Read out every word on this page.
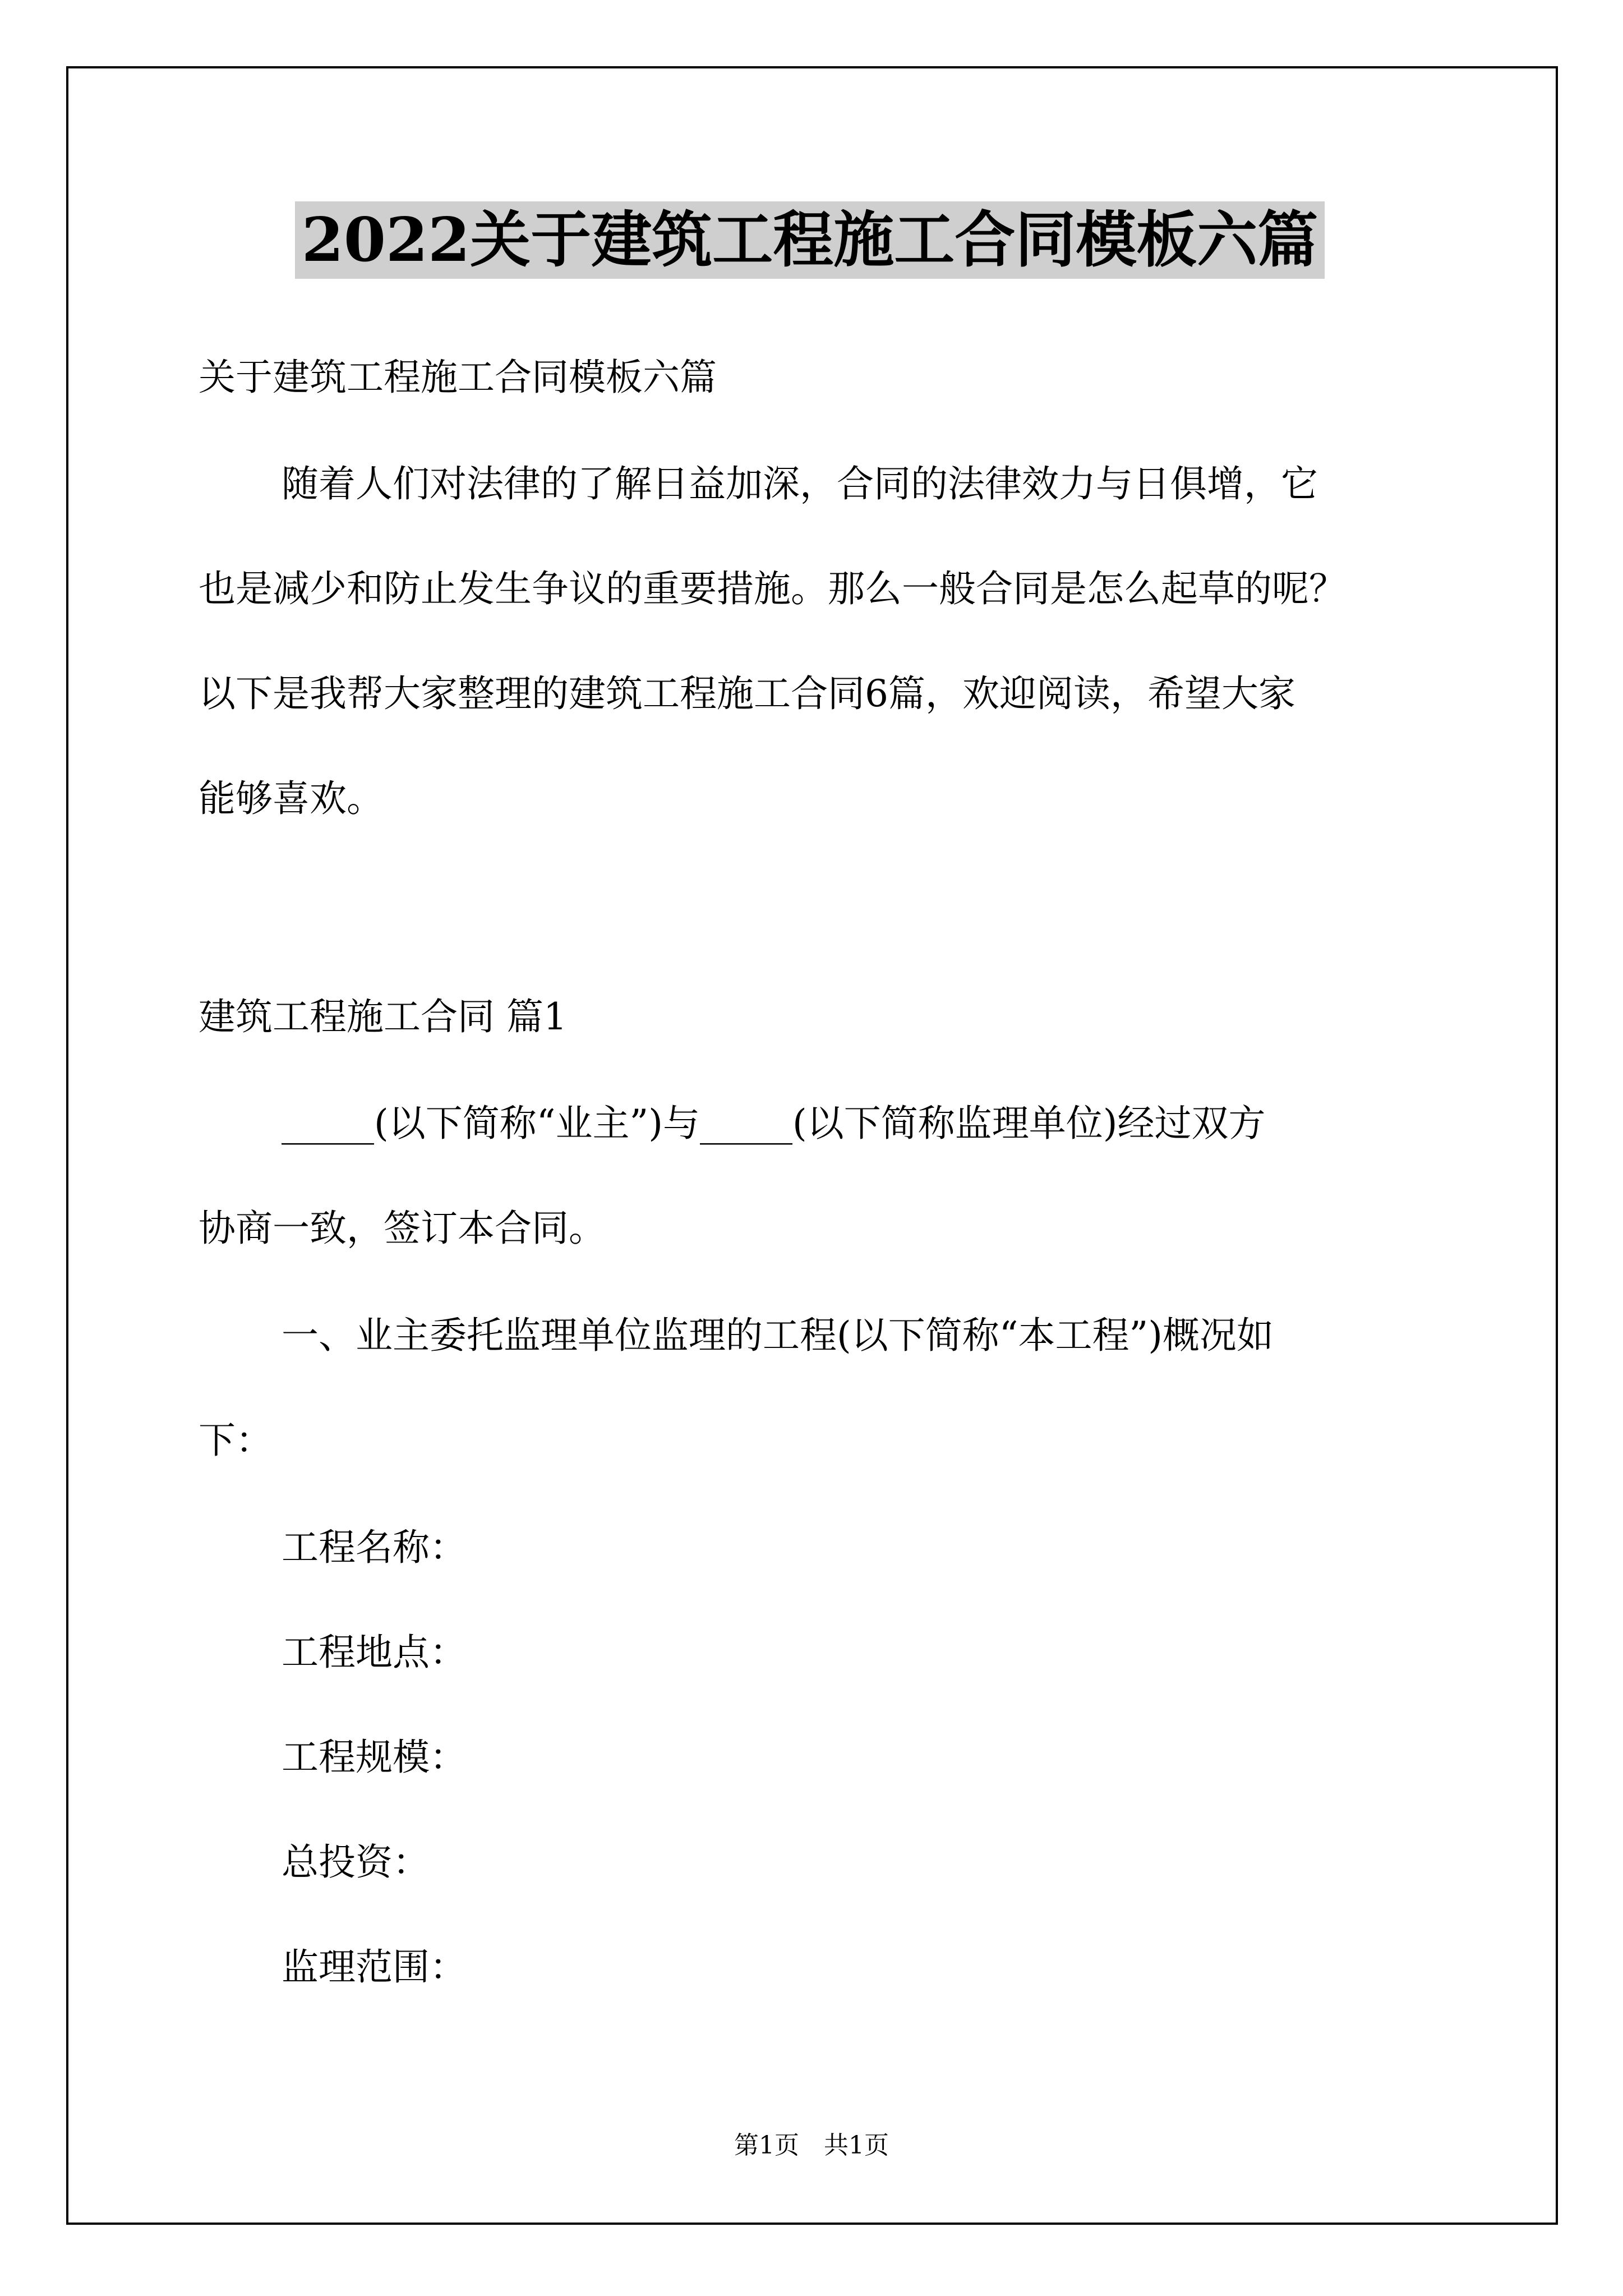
2022关于建筑工程施工合同模板六篇
关于建筑工程施工合同模板六篇
随着人们对法律的了解日益加深，合同的法律效力与日俱增，它
也是减少和防止发生争议的重要措施。那么一般合同是怎么起草的呢？
以下是我帮大家整理的建筑工程施工合同6篇，欢迎阅读，希望大家
能够喜欢。
建筑工程施工合同 篇1
_____(以下简称“业主”)与_____(以下简称监理单位)经过双方
协商一致，签订本合同。
一、业主委托监理单位监理的工程(以下简称“本工程”)概况如
下：
工程名称：
工程地点：
工程规模：
总投资：
监理范围：
第1页　共1页
